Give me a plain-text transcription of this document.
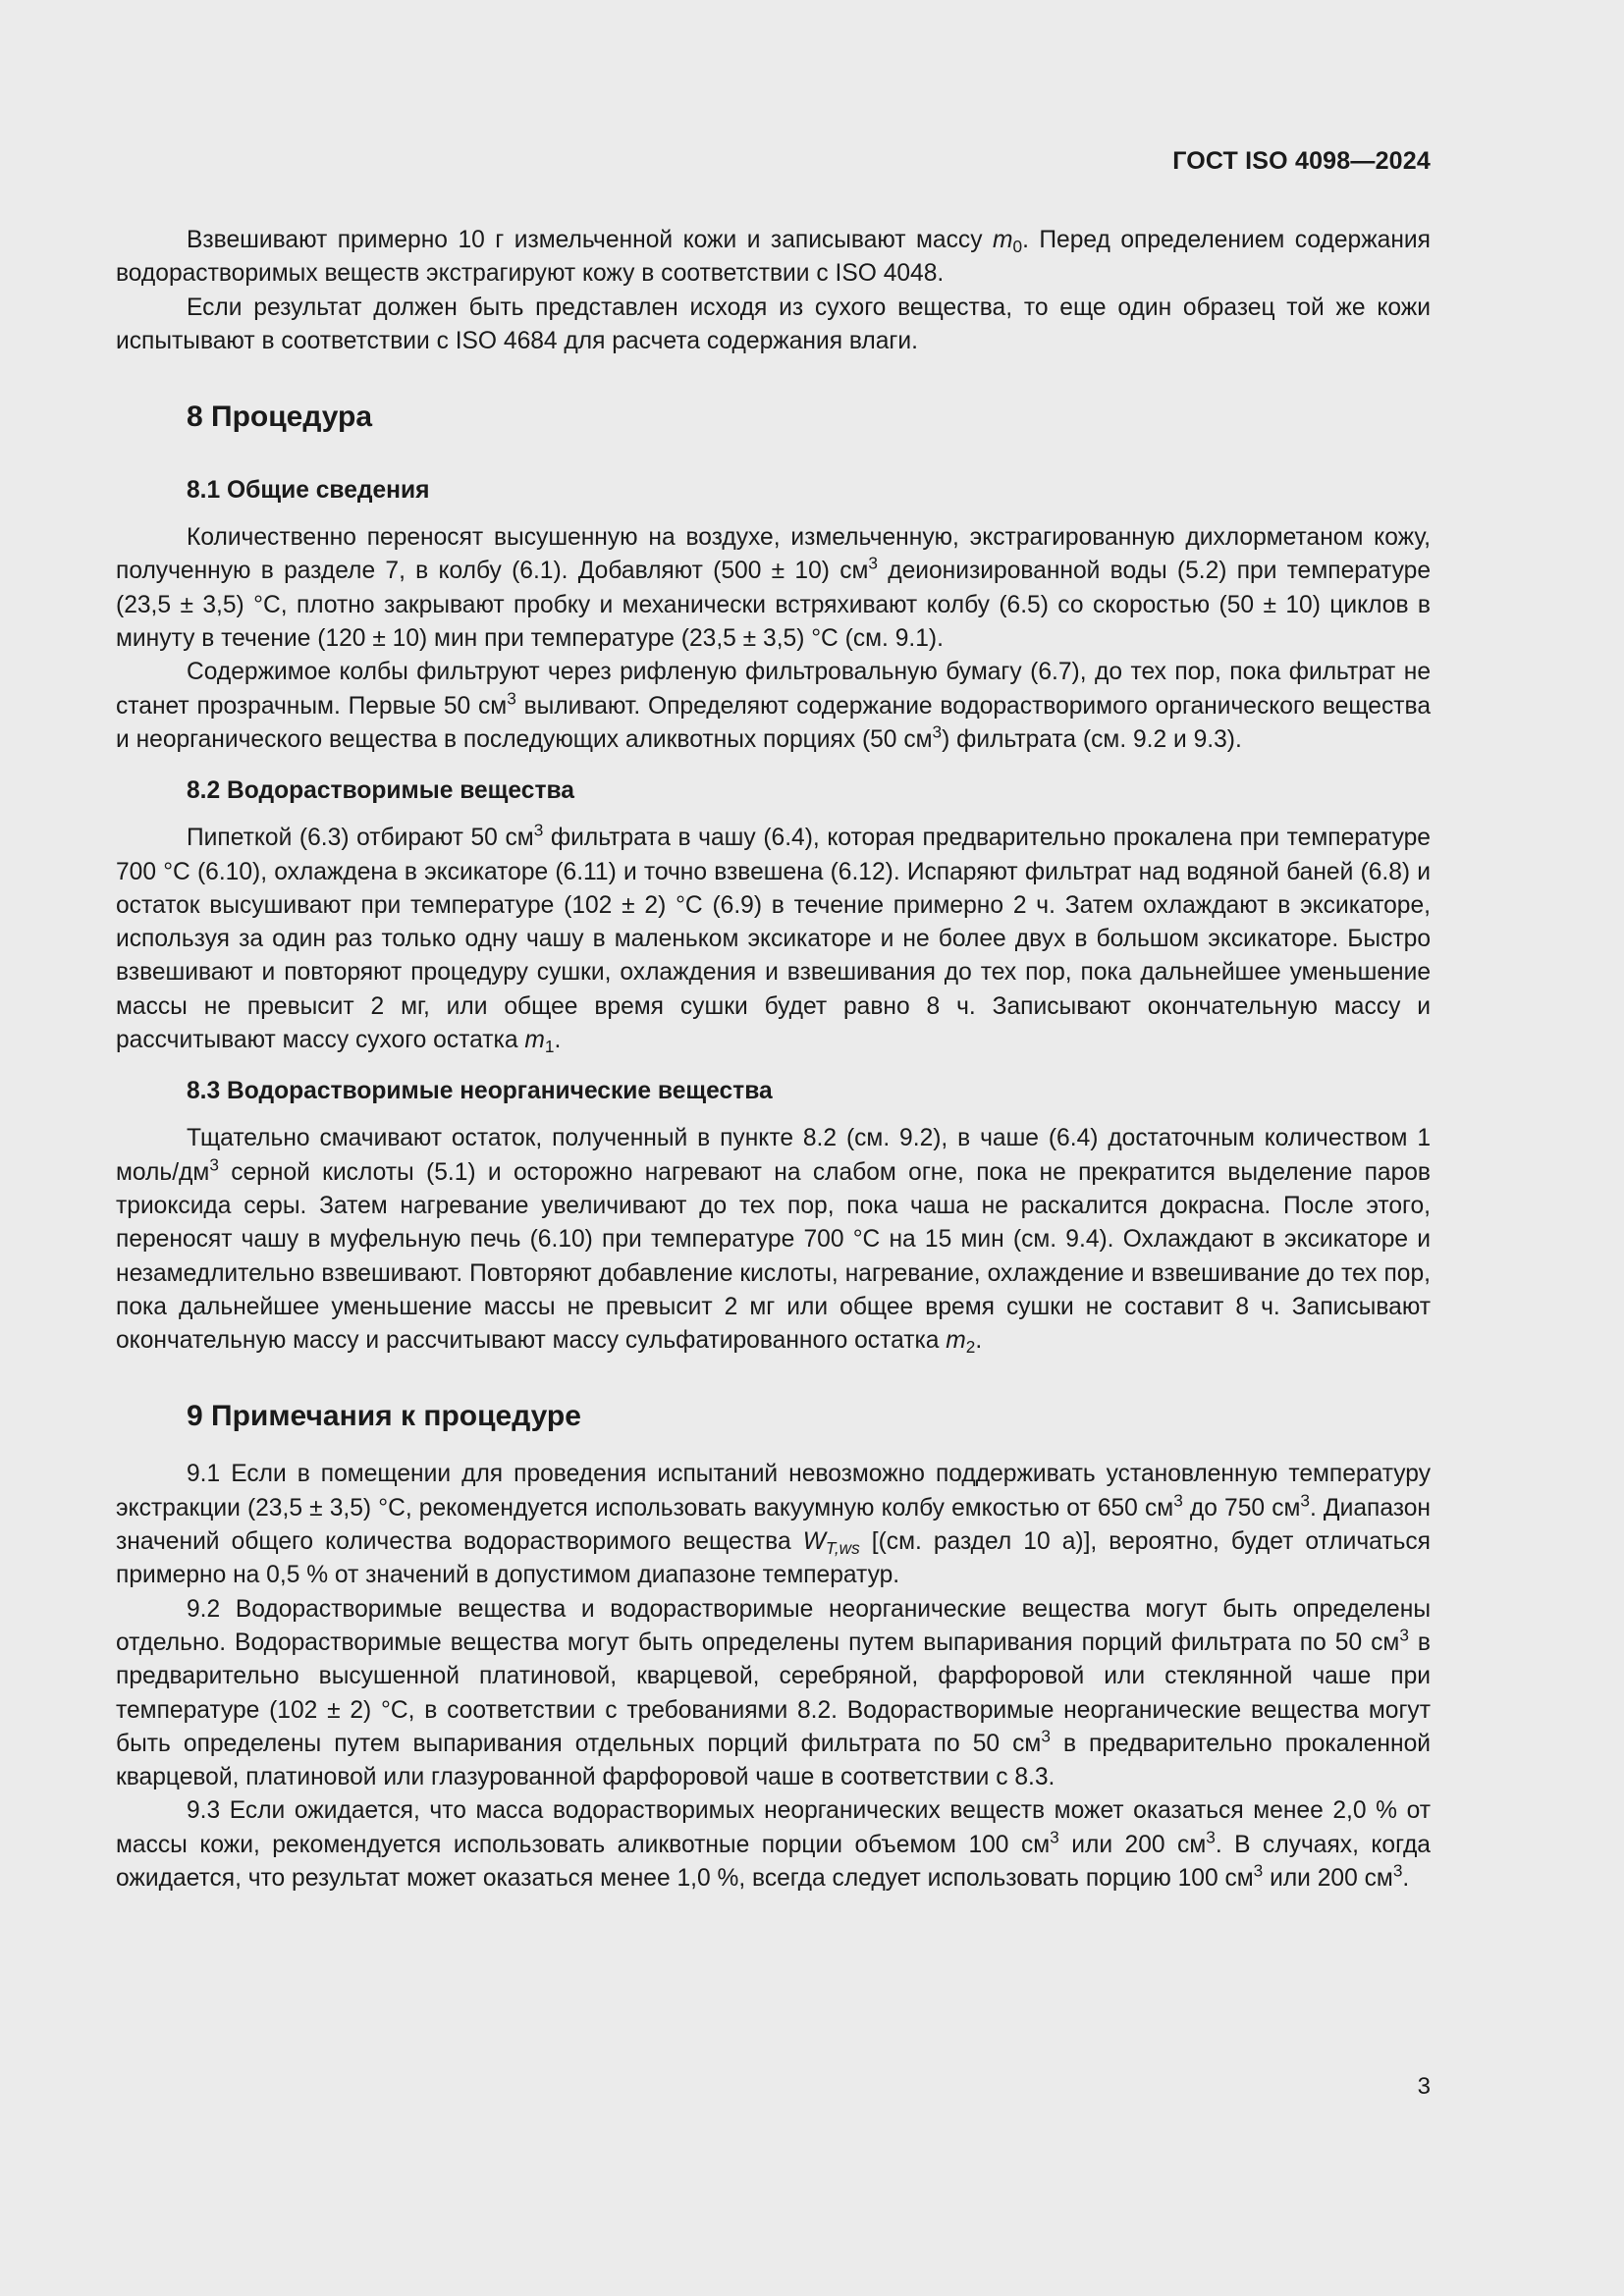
ГОСТ ISO 4098—2024

Взвешивают примерно 10 г измельченной кожи и записывают массу $m_0$. Перед определением содержания водорастворимых веществ экстрагируют кожу в соответствии с ISO 4048.

Если результат должен быть представлен исходя из сухого вещества, то еще один образец той же кожи испытывают в соответствии с ISO 4684 для расчета содержания влаги.

8 Процедура
8.1 Общие сведения

Количественно переносят высушенную на воздухе, измельченную, экстрагированную дихлорметаном кожу, полученную в разделе 7, в колбу (6.1). Добавляют (500 ± 10) $см^3$ деионизированной воды (5.2) при температуре (23,5 ± 3,5) °C, плотно закрывают пробку и механически встряхивают колбу (6.5) со скоростью (50 ± 10) циклов в минуту в течение (120 ± 10) мин при температуре (23,5 ± 3,5) °C (см. 9.1).

Содержимое колбы фильтруют через рифленую фильтровальную бумагу (6.7), до тех пор, пока фильтрат не станет прозрачным. Первые 50 $см^3$ выливают. Определяют содержание водорастворимого органического вещества и неорганического вещества в последующих аликвотных порциях (50 $см^3$) фильтрата (см. 9.2 и 9.3).

8.2 Водорастворимые вещества

Пипеткой (6.3) отбирают 50 $см^3$ фильтрата в чашу (6.4), которая предварительно прокалена при температуре 700 °C (6.10), охлаждена в эксикаторе (6.11) и точно взвешена (6.12). Испаряют фильтрат над водяной баней (6.8) и остаток высушивают при температуре (102 ± 2) °C (6.9) в течение примерно 2 ч. Затем охлаждают в эксикаторе, используя за один раз только одну чашу в маленьком эксикаторе и не более двух в большом эксикаторе. Быстро взвешивают и повторяют процедуру сушки, охлаждения и взвешивания до тех пор, пока дальнейшее уменьшение массы не превысит 2 мг, или общее время сушки будет равно 8 ч. Записывают окончательную массу и рассчитывают массу сухого остатка $m_1$.

8.3 Водорастворимые неорганические вещества

Тщательно смачивают остаток, полученный в пункте 8.2 (см. 9.2), в чаше (6.4) достаточным количеством 1 моль/$дм^3$ серной кислоты (5.1) и осторожно нагревают на слабом огне, пока не прекратится выделение паров триоксида серы. Затем нагревание увеличивают до тех пор, пока чаша не раскалится докрасна. После этого, переносят чашу в муфельную печь (6.10) при температуре 700 °C на 15 мин (см. 9.4). Охлаждают в эксикаторе и незамедлительно взвешивают. Повторяют добавление кислоты, нагревание, охлаждение и взвешивание до тех пор, пока дальнейшее уменьшение массы не превысит 2 мг или общее время сушки не составит 8 ч. Записывают окончательную массу и рассчитывают массу сульфатированного остатка $m_2$.

9 Примечания к процедуре

9.1 Если в помещении для проведения испытаний невозможно поддерживать установленную температуру экстракции (23,5 ± 3,5) °C, рекомендуется использовать вакуумную колбу емкостью от 650 $см^3$ до 750 $см^3$. Диапазон значений общего количества водорастворимого вещества $W_{T,ws}$ [(см. раздел 10 а)], вероятно, будет отличаться примерно на 0,5 % от значений в допустимом диапазоне температур.

9.2 Водорастворимые вещества и водорастворимые неорганические вещества могут быть определены отдельно. Водорастворимые вещества могут быть определены путем выпаривания порций фильтрата по 50 $см^3$ в предварительно высушенной платиновой, кварцевой, серебряной, фарфоровой или стеклянной чаше при температуре (102 ± 2) °C, в соответствии с требованиями 8.2. Водорастворимые неорганические вещества могут быть определены путем выпаривания отдельных порций фильтрата по 50 $см^3$ в предварительно прокаленной кварцевой, платиновой или глазурованной фарфоровой чаше в соответствии с 8.3.

9.3 Если ожидается, что масса водорастворимых неорганических веществ может оказаться менее 2,0 % от массы кожи, рекомендуется использовать аликвотные порции объемом 100 $см^3$ или 200 $см^3$. В случаях, когда ожидается, что результат может оказаться менее 1,0 %, всегда следует использовать порцию 100 $см^3$ или 200 $см^3$.

3
